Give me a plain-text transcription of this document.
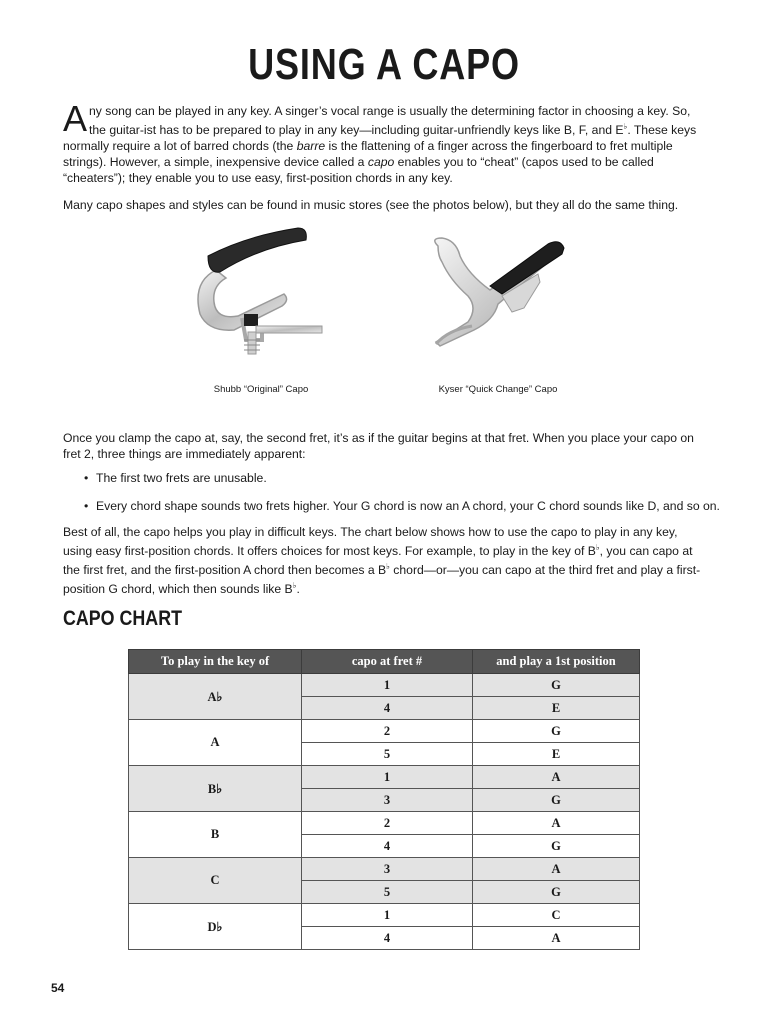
USING A CAPO

Any song can be played in any key. A singer’s vocal range is usually the determining factor in choosing a key. So, the guitar-ist has to be prepared to play in any key—including guitar-unfriendly keys like B, F, and E♭. These keys normally require a lot of barred chords (the barre is the flattening of a finger across the fingerboard to fret multiple strings). However, a simple, inexpensive device called a capo enables you to “cheat” (capos used to be called “cheaters”); they enable you to use easy, first-position chords in any key.

Many capo shapes and styles can be found in music stores (see the photos below), but they all do the same thing.

Shubb “Original” Capo	Kyser “Quick Change” Capo

Once you clamp the capo at, say, the second fret, it’s as if the guitar begins at that fret. When you place your capo on fret 2, three things are immediately apparent:

• The first two frets are unusable.
• Every chord shape sounds two frets higher. Your G chord is now an A chord, your C chord sounds like D, and so on.

Best of all, the capo helps you play in difficult keys. The chart below shows how to use the capo to play in any key, using easy first-position chords. It offers choices for most keys. For example, to play in the key of B♭, you can capo at the first fret, and the first-position A chord then becomes a B♭ chord—or—you can capo at the third fret and play a first-position G chord, which then sounds like B♭.

CAPO CHART
To play in the key of	capo at fret #	and play a 1st position
A♭	1	G
	4	E
A	2	G
	5	E
B♭	1	A
	3	G
B	2	A
	4	G
C	3	A
	5	G
D♭	1	C
	4	A
54
